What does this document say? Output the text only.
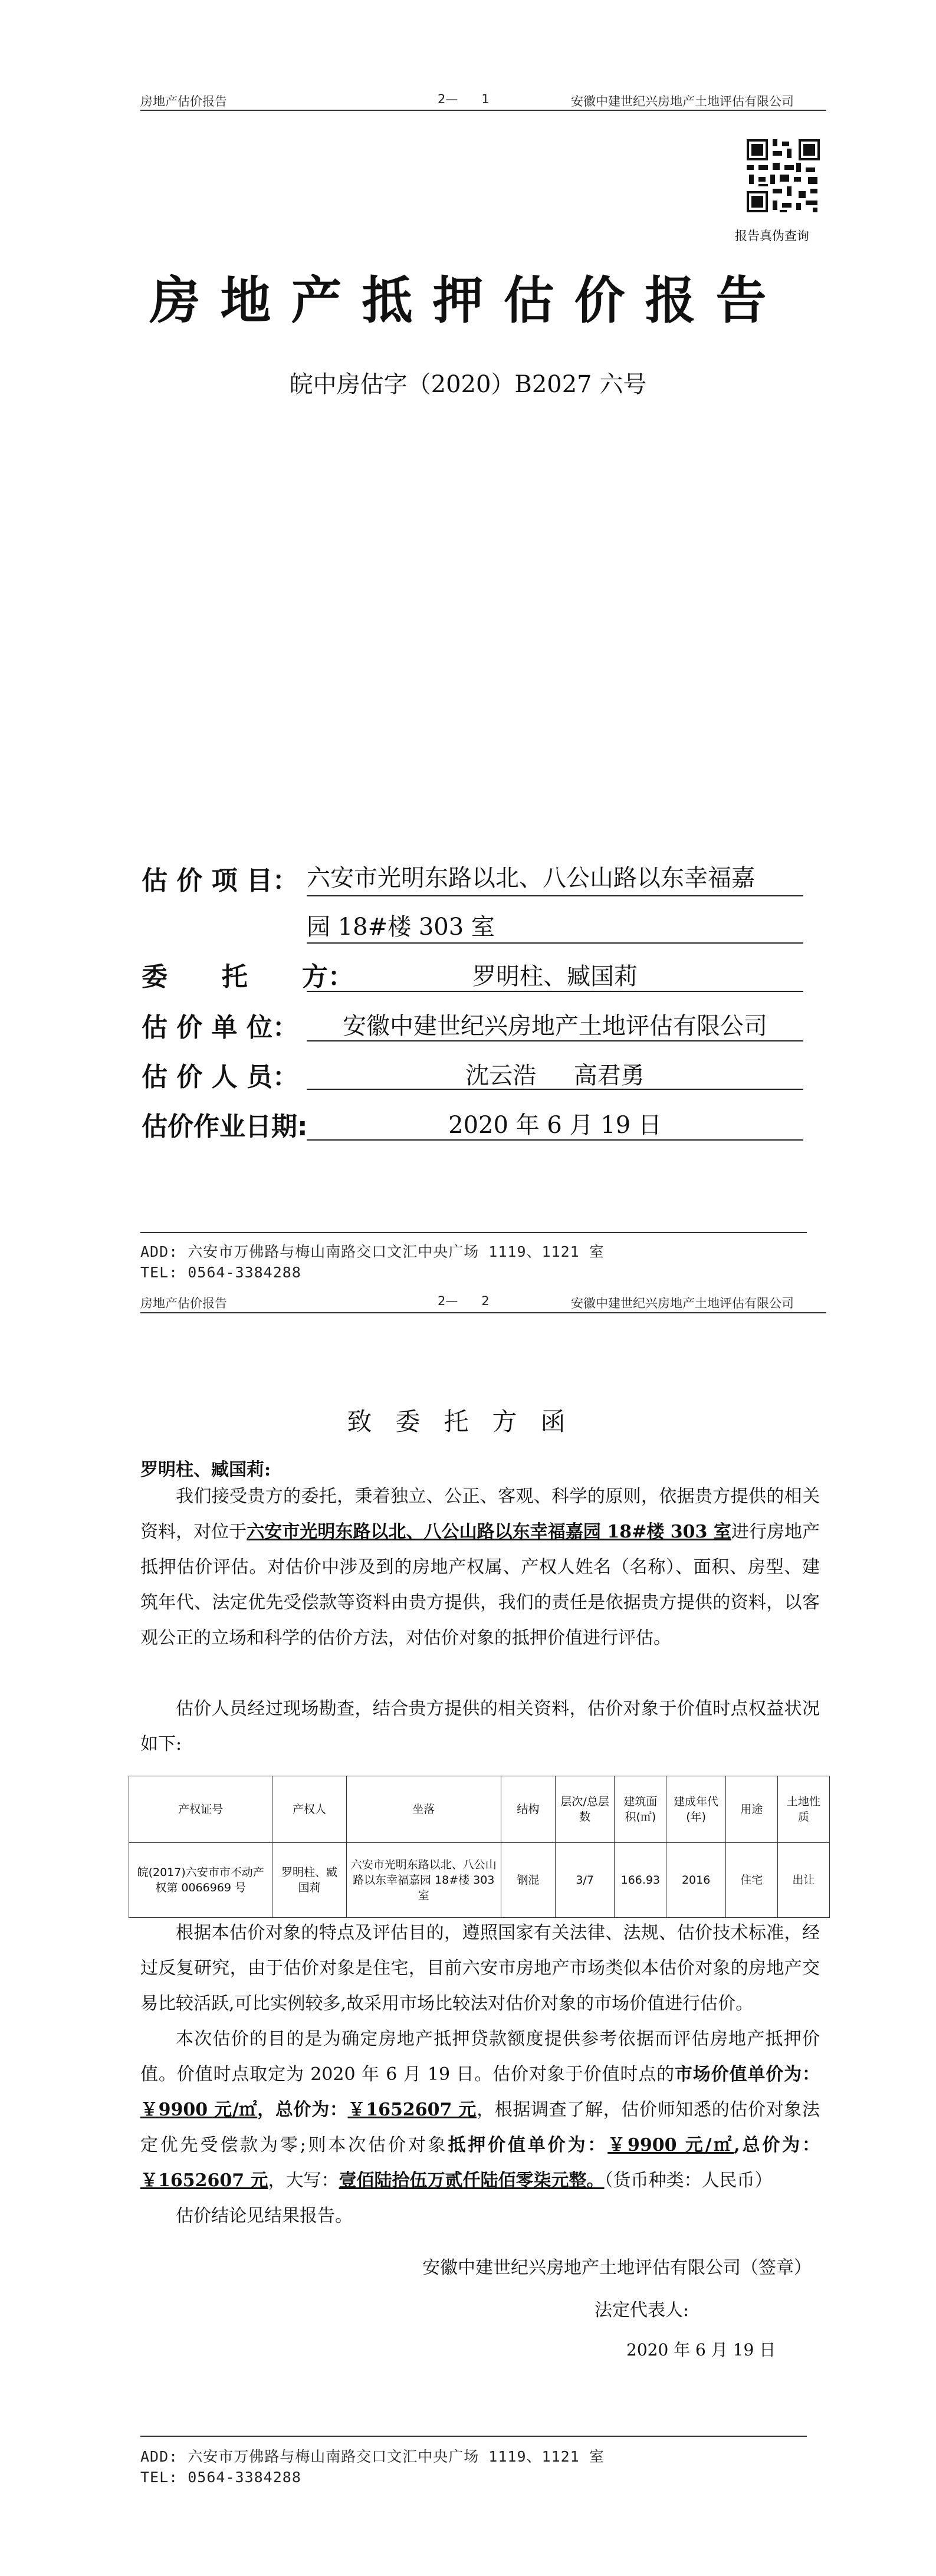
房地产估价报告	2—      1	安徽中建世纪兴房地产土地评估有限公司
报告真伪查询
房地产抵押估价报告
皖中房估字（2020）B2027 六号
估 价 项 目： 六安市光明东路以北、八公山路以东幸福嘉
园 18#楼 303 室
委      托      方：	罗明柱、臧国莉
估 价 单 位：	安徽中建世纪兴房地产土地评估有限公司
估 价 人 员：	沈云浩     高君勇
估价作业日期:	2020 年 6 月 19 日
ADD: 六安市万佛路与梅山南路交口文汇中央广场 1119、1121 室
TEL: 0564-3384288
房地产估价报告	2—      2	安徽中建世纪兴房地产土地评估有限公司
致委托方函
罗明柱、臧国莉:
我们接受贵方的委托，秉着独立、公正、客观、科学的原则，依据贵方提供的相关资料，对位于六安市光明东路以北、八公山路以东幸福嘉园 18#楼 303 室进行房地产抵押估价评估。对估价中涉及到的房地产权属、产权人姓名（名称）、面积、房型、建筑年代、法定优先受偿款等资料由贵方提供，我们的责任是依据贵方提供的资料，以客观公正的立场和科学的估价方法，对估价对象的抵押价值进行评估。
估价人员经过现场勘查，结合贵方提供的相关资料，估价对象于价值时点权益状况如下:
产权证号	产权人	坐落	结构	层次/总层数	建筑面积(㎡)	建成年代(年)	用途	土地性质
皖(2017)六安市市不动产权第 0066969 号	罗明柱、臧国莉	六安市光明东路以北、八公山路以东幸福嘉园 18#楼 303 室	钢混	3/7	166.93	2016	住宅	出让
根据本估价对象的特点及评估目的，遵照国家有关法律、法规、估价技术标准，经过反复研究，由于估价对象是住宅，目前六安市房地产市场类似本估价对象的房地产交易比较活跃,可比实例较多,故采用市场比较法对估价对象的市场价值进行估价。
本次估价的目的是为确定房地产抵押贷款额度提供参考依据而评估房地产抵押价值。价值时点取定为 2020 年 6 月 19 日。估价对象于价值时点的市场价值单价为：￥9900 元/㎡，总价为：￥1652607 元，根据调查了解，估价师知悉的估价对象法定优先受偿款为零;则本次估价对象抵押价值单价为：￥9900 元/㎡,总价为：￥1652607 元，大写：壹佰陆拾伍万贰仟陆佰零柒元整。（货币种类：人民币）
估价结论见结果报告。
安徽中建世纪兴房地产土地评估有限公司（签章）
法定代表人:
2020 年 6 月 19 日
ADD: 六安市万佛路与梅山南路交口文汇中央广场 1119、1121 室
TEL: 0564-3384288
